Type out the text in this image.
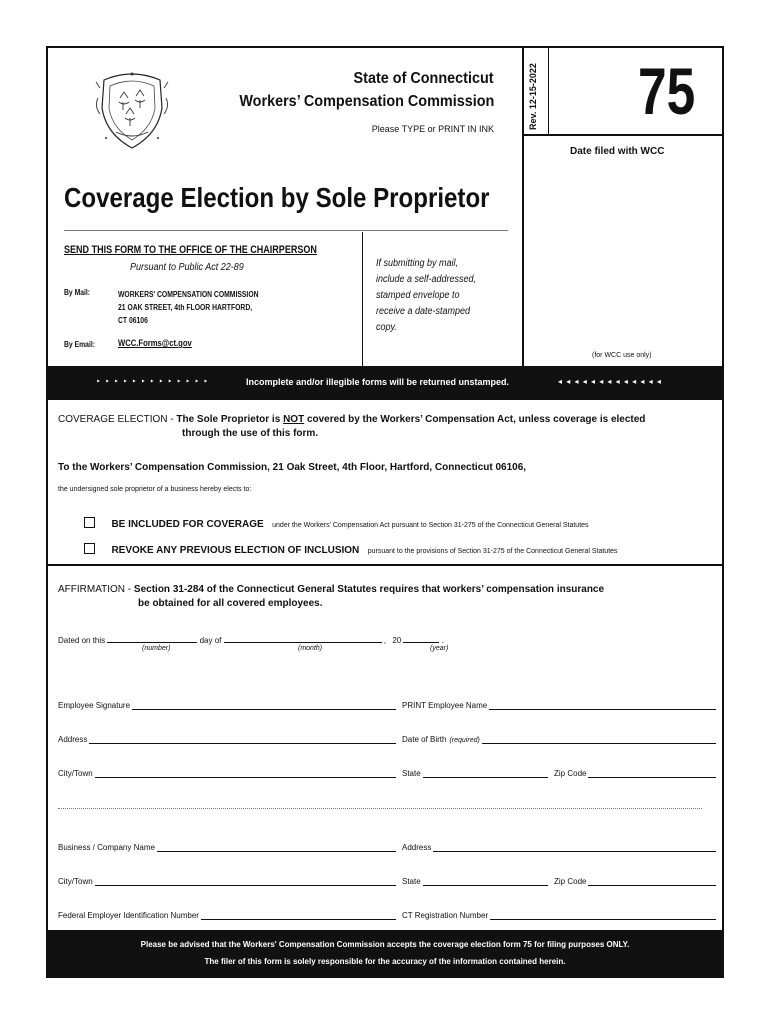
State of Connecticut
Workers’ Compensation Commission
Please TYPE or PRINT IN INK	Rev. 12-15-2022 75
Date filed with WCC
(for WCC use only)
Coverage Election by Sole Proprietor
SEND THIS FORM TO THE OFFICE OF THE CHAIRPERSON
Pursuant to Public Act 22-89
By Mail:	WORKERS' COMPENSATION COMMISSION
21 OAK STREET, 4th FLOOR HARTFORD,
CT 06106
By Email:	WCC.Forms@ct.gov
If submitting by mail,
include a self-addressed,
stamped envelope to
receive a date-stamped
copy.
‣ ‣ ‣ ‣ ‣ ‣ ‣ ‣ ‣ ‣ ‣ ‣ ‣	Incomplete and/or illegible forms will be returned unstamped.	◂ ◂ ◂ ◂ ◂ ◂ ◂ ◂ ◂ ◂ ◂ ◂ ◂
COVERAGE ELECTION - The Sole Proprietor is NOT covered by the Workers’ Compensation Act, unless coverage is elected
through the use of this form.
To the Workers’ Compensation Commission, 21 Oak Street, 4th Floor, Hartford, Connecticut 06106,
the undersigned sole proprietor of a business hereby elects to:
BE INCLUDED FOR COVERAGE under the Workers' Compensation Act pursuant to Section 31-275 of the Connecticut General Statutes
REVOKE ANY PREVIOUS ELECTION OF INCLUSION pursuant to the provisions of Section 31-275 of the Connecticut General Statutes
AFFIRMATION - Section 31-284 of the Connecticut General Statutes requires that workers’ compensation insurance
be obtained for all covered employees.
Dated on this	day of	, 20	.
(number)	(month)	(year)
Employee Signature	PRINT Employee Name
Address	Date of Birth (required)
City/Town	State	Zip Code
Business / Company Name	Address
City/Town	State	Zip Code
Federal Employer Identification Number	CT Registration Number
Please be advised that the Workers' Compensation Commission accepts the coverage election form 75 for filing purposes ONLY.
The filer of this form is solely responsible for the accuracy of the information contained herein.
